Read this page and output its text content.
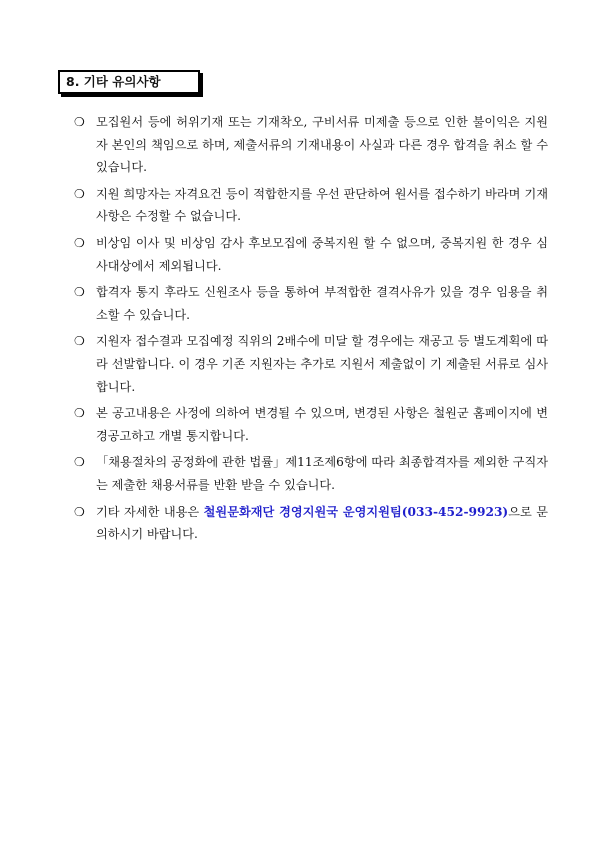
8. 기타 유의사항
❍ 모집원서 등에 허위기재 또는 기재착오, 구비서류 미제출 등으로 인한 불이익은 지원자 본인의 책임으로 하며, 제출서류의 기재내용이 사실과 다른 경우 합격을 취소 할 수 있습니다.
❍ 지원 희망자는 자격요건 등이 적합한지를 우선 판단하여 원서를 접수하기 바라며 기재사항은 수정할 수 없습니다.
❍ 비상임 이사 및 비상임 감사 후보모집에 중복지원 할 수 없으며, 중복지원 한 경우 심사대상에서 제외됩니다.
❍ 합격자 통지 후라도 신원조사 등을 통하여 부적합한 결격사유가 있을 경우 임용을 취소할 수 있습니다.
❍ 지원자 접수결과 모집예정 직위의 2배수에 미달 할 경우에는 재공고 등 별도계획에 따라 선발합니다. 이 경우 기존 지원자는 추가로 지원서 제출없이 기 제출된 서류로 심사합니다.
❍ 본 공고내용은 사정에 의하여 변경될 수 있으며, 변경된 사항은 철원군 홈페이지에 변경공고하고 개별 통지합니다.
❍ 「채용절차의 공정화에 관한 법률」제11조제6항에 따라 최종합격자를 제외한 구직자는 제출한 채용서류를 반환 받을 수 있습니다.
❍ 기타 자세한 내용은 철원문화재단 경영지원국 운영지원팀(033-452-9923)으로 문의하시기 바랍니다.
